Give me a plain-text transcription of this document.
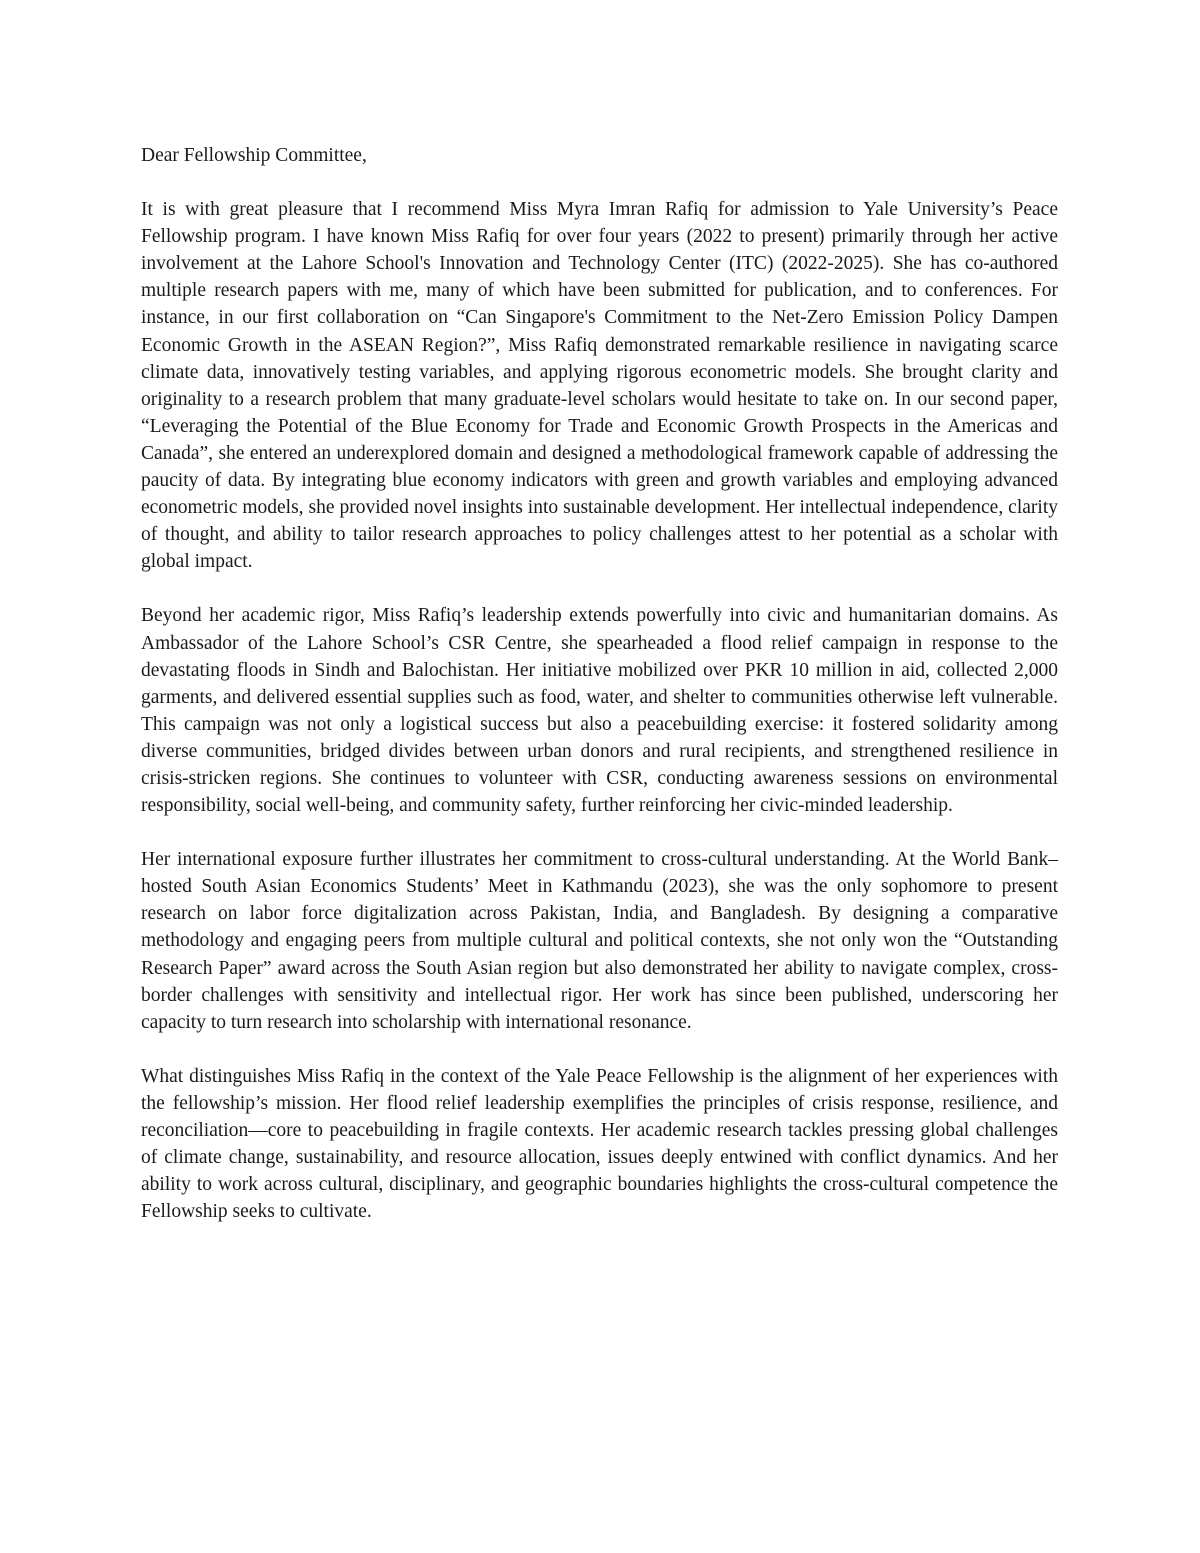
Dear Fellowship Committee,

It is with great pleasure that I recommend Miss Myra Imran Rafiq for admission to Yale University’s Peace Fellowship program. I have known Miss Rafiq for over four years (2022 to present) primarily through her active involvement at the Lahore School's Innovation and Technology Center (ITC) (2022-2025). She has co-authored multiple research papers with me, many of which have been submitted for publication, and to conferences. For instance, in our first collaboration on “Can Singapore's Commitment to the Net-Zero Emission Policy Dampen Economic Growth in the ASEAN Region?”, Miss Rafiq demonstrated remarkable resilience in navigating scarce climate data, innovatively testing variables, and applying rigorous econometric models. She brought clarity and originality to a research problem that many graduate-level scholars would hesitate to take on. In our second paper, “Leveraging the Potential of the Blue Economy for Trade and Economic Growth Prospects in the Americas and Canada”, she entered an underexplored domain and designed a methodological framework capable of addressing the paucity of data. By integrating blue economy indicators with green and growth variables and employing advanced econometric models, she provided novel insights into sustainable development. Her intellectual independence, clarity of thought, and ability to tailor research approaches to policy challenges attest to her potential as a scholar with global impact.

Beyond her academic rigor, Miss Rafiq’s leadership extends powerfully into civic and humanitarian domains. As Ambassador of the Lahore School’s CSR Centre, she spearheaded a flood relief campaign in response to the devastating floods in Sindh and Balochistan. Her initiative mobilized over PKR 10 million in aid, collected 2,000 garments, and delivered essential supplies such as food, water, and shelter to communities otherwise left vulnerable. This campaign was not only a logistical success but also a peacebuilding exercise: it fostered solidarity among diverse communities, bridged divides between urban donors and rural recipients, and strengthened resilience in crisis-stricken regions. She continues to volunteer with CSR, conducting awareness sessions on environmental responsibility, social well-being, and community safety, further reinforcing her civic-minded leadership.

Her international exposure further illustrates her commitment to cross-cultural understanding. At the World Bank–hosted South Asian Economics Students’ Meet in Kathmandu (2023), she was the only sophomore to present research on labor force digitalization across Pakistan, India, and Bangladesh. By designing a comparative methodology and engaging peers from multiple cultural and political contexts, she not only won the “Outstanding Research Paper” award across the South Asian region but also demonstrated her ability to navigate complex, cross-border challenges with sensitivity and intellectual rigor. Her work has since been published, underscoring her capacity to turn research into scholarship with international resonance.

What distinguishes Miss Rafiq in the context of the Yale Peace Fellowship is the alignment of her experiences with the fellowship’s mission. Her flood relief leadership exemplifies the principles of crisis response, resilience, and reconciliation—core to peacebuilding in fragile contexts. Her academic research tackles pressing global challenges of climate change, sustainability, and resource allocation, issues deeply entwined with conflict dynamics. And her ability to work across cultural, disciplinary, and geographic boundaries highlights the cross-cultural competence the Fellowship seeks to cultivate.
